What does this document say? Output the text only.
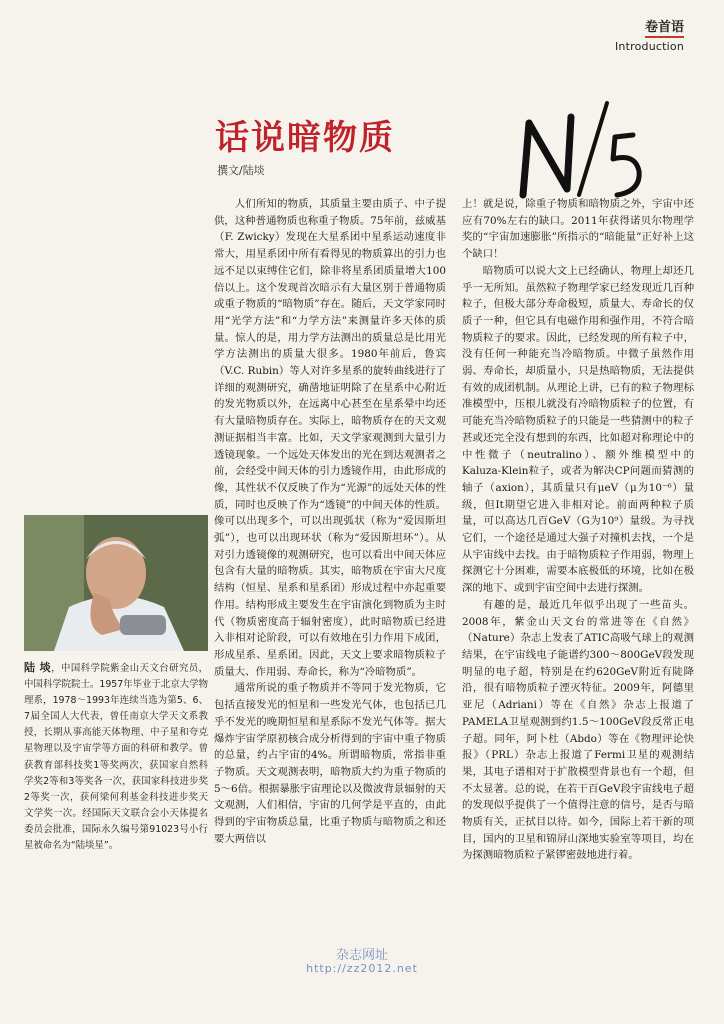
卷首语
Introduction
话说暗物质
撰文/陆埮
陆 埮，中国科学院紫金山天文台研究员，中国科学院院士。1957年毕业于北京大学物理系，1978～1993年连续当选为第5、6、7届全国人大代表，曾任南京大学天文系教授，长期从事高能天体物理、中子星和夸克星物理以及宇宙学等方面的科研和教学。曾获教育部科技奖1等奖两次，获国家自然科学奖2等和3等奖各一次，获国家科技进步奖2等奖一次，获何梁何利基金科技进步奖天文学奖一次。经国际天文联合会小天体提名委员会批准，国际永久编号第91023号小行星被命名为“陆埮星”。

人们所知的物质，其质量主要由质子、中子提供，这种普通物质也称重子物质。75年前，兹威基（F. Zwicky）发现在大星系团中星系运动速度非常大，用星系团中所有看得见的物质算出的引力也远不足以束缚住它们，除非将星系团质量增大100倍以上。这个发现首次暗示有大量区别于普通物质或重子物质的“暗物质”存在。随后，天文学家同时用“光学方法”和“力学方法”来测量许多天体的质量。惊人的是，用力学方法测出的质量总是比用光学方法测出的质量大很多。1980年前后，鲁宾（V.C. Rubin）等人对许多星系的旋转曲线进行了详细的观测研究，确凿地证明除了在星系中心附近的发光物质以外，在远离中心甚至在星系晕中均还有大量暗物质存在。实际上，暗物质存在的天文观测证据相当丰富。比如，天文学家观测到大量引力透镜现象。一个远处天体发出的光在到达观测者之前，会经受中间天体的引力透镜作用，由此形成的像，其性状不仅反映了作为“光源”的远处天体的性质，同时也反映了作为“透镜”的中间天体的性质。像可以出现多个，可以出现弧状（称为“爱因斯坦弧”），也可以出现环状（称为“爱因斯坦环”）。从对引力透镜像的观测研究，也可以看出中间天体应包含有大量的暗物质。其实，暗物质在宇宙大尺度结构（恒星、星系和星系团）形成过程中亦起重要作用。结构形成主要发生在宇宙演化到物质为主时代（物质密度高于辐射密度），此时暗物质已经进入非相对论阶段，可以有效地在引力作用下成团，形成星系、星系团。因此，天文上要求暗物质粒子质量大、作用弱、寿命长，称为“冷暗物质”。

通常所说的重子物质并不等同于发光物质，它包括直接发光的恒星和一些发光气体，也包括已几乎不发光的晚期恒星和星系际不发光气体等。据大爆炸宇宙学原初核合成分析得到的宇宙中重子物质的总量，约占宇宙的4%。所谓暗物质，常指非重子物质。天文观测表明，暗物质大约为重子物质的5～6倍。根据暴胀宇宙理论以及微波背景辐射的天文观测，人们相信，宇宙的几何学是平直的，由此得到的宇宙物质总量，比重子物质与暗物质之和还要大两倍以

上！就是说，除重子物质和暗物质之外，宇宙中还应有70%左右的缺口。2011年获得诺贝尔物理学奖的“宇宙加速膨胀”所指示的“暗能量”正好补上这个缺口！

暗物质可以说大文上已经确认，物理上却还几乎一无所知。虽然粒子物理学家已经发现近几百种粒子，但极大部分寿命极短，质量大、寿命长的仅质子一种，但它具有电磁作用和强作用，不符合暗物质粒子的要求。因此，已经发现的所有粒子中，没有任何一种能充当冷暗物质。中微子虽然作用弱、寿命长，却质量小，只是热暗物质，无法提供有效的成团机制。从理论上讲，已有的粒子物理标准模型中，压根儿就没有冷暗物质粒子的位置，有可能充当冷暗物质粒子的只能是一些猜测中的粒子甚或还完全没有想到的东西，比如超对称理论中的中性微子（neutralino）、额外维模型中的Kaluza-Klein粒子，或者为解决CP问题而猜测的轴子（axion），其质量只有μeV（μ为10⁻⁶）量级，但It期望它进入非相对论。前面两种粒子质量，可以高达几百GeV（G为10⁹）量级。为寻找它们，一个途径是通过大强子对撞机去找，一个是从宇宙线中去找。由于暗物质粒子作用弱，物理上探测它十分困难，需要本底极低的环境，比如在极深的地下、或到宇宙空间中去进行探测。

有趣的是，最近几年似乎出现了一些苗头。2008年，紫金山天文台的常进等在《自然》（Nature）杂志上发表了ATIC高吸气球上的观测结果，在宇宙线电子能谱约300～800GeV段发现明显的电子超，特别是在约620GeV附近有陡降沿，很有暗物质粒子湮灭特征。2009年，阿德里亚尼（Adriani）等在《自然》杂志上报道了PAMELA卫星观测到约1.5～100GeV段反常正电子超。同年，阿卜杜（Abdo）等在《物理评论快报》（PRL）杂志上报道了Fermi卫星的观测结果，其电子谱相对于扩散模型背景也有一个超，但不太显著。总的说，在若干百GeV段宇宙线电子超的发现似乎提供了一个值得注意的信号，是否与暗物质有关，正拭目以待。如今，国际上若干新的项目，国内的卫星和锦屏山深地实验室等项目，均在为探测暗物质粒子紧锣密鼓地进行着。

杂志网址
http://zz2012.net
